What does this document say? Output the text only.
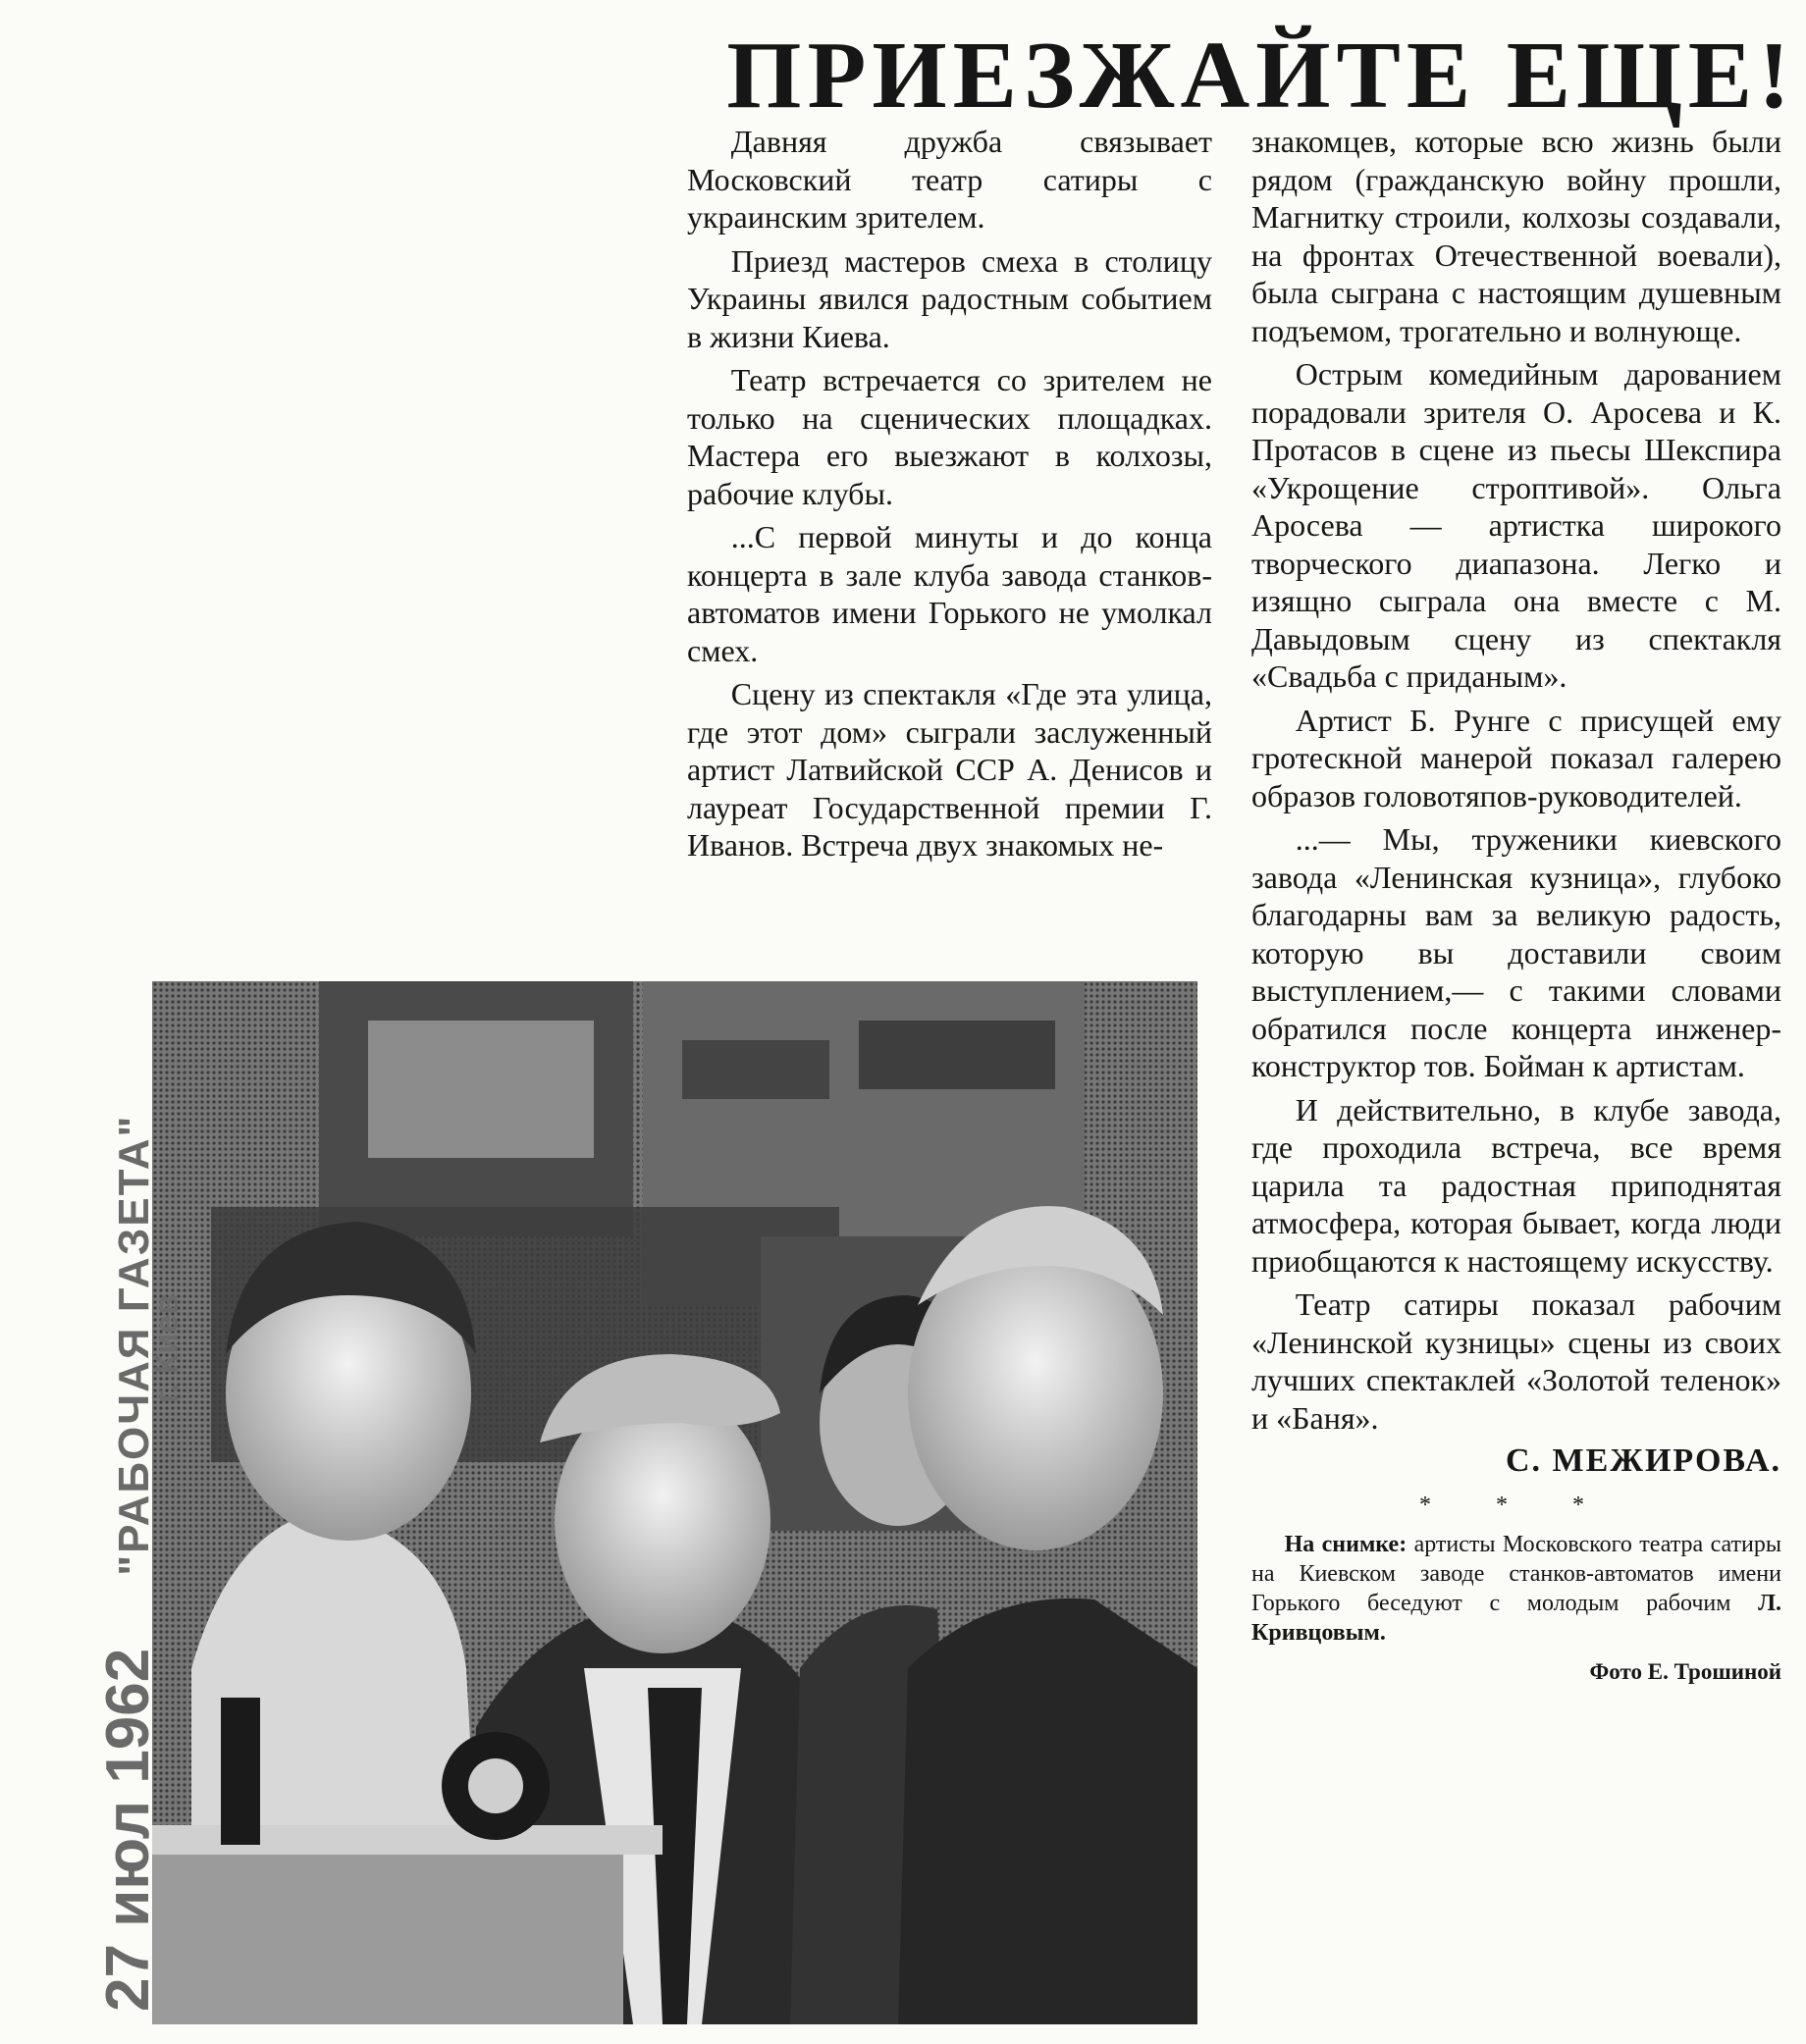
ПРИЕЗЖАЙТЕ ЕЩЕ!

Давняя дружба связывает Московский театр сатиры с украинским зрителем.

Приезд мастеров смеха в столицу Украины явился радостным событием в жизни Киева.

Театр встречается со зрителем не только на сценических площадках. Мастера его выезжают в колхозы, рабочие клубы.

...С первой минуты и до конца концерта в зале клуба завода станков-автоматов имени Горького не умолкал смех.

Сцену из спектакля «Где эта улица, где этот дом» сыграли заслуженный артист Латвийской ССР А. Денисов и лауреат Государственной премии Г. Иванов. Встреча двух знакомых не-

знакомцев, которые всю жизнь были рядом (гражданскую войну прошли, Магнитку строили, колхозы создавали, на фронтах Отечественной воевали), была сыграна с настоящим душевным подъемом, трогательно и волнующе.

Острым комедийным дарованием порадовали зрителя О. Аросева и К. Протасов в сцене из пьесы Шекспира «Укрощение строптивой». Ольга Аросева — артистка широкого творческого диапазона. Легко и изящно сыграла она вместе с М. Давыдовым сцену из спектакля «Свадьба с приданым».

Артист Б. Рунге с присущей ему гротескной манерой показал галерею образов головотяпов-руководителей.

...— Мы, труженики киевского завода «Ленинская кузница», глубоко благодарны вам за великую радость, которую вы доставили своим выступлением,— с такими словами обратился после концерта инженер-конструктор тов. Бойман к артистам.

И действительно, в клубе завода, где проходила встреча, все время царила та радостная приподнятая атмосфера, которая бывает, когда люди приобщаются к настоящему искусству.

Театр сатиры показал рабочим «Ленинской кузницы» сцены из своих лучших спектаклей «Золотой теленок» и «Баня».

С. МЕЖИРОВА.

* * *

На снимке: артисты Московского театра сатиры на Киевском заводе станков-автоматов имени Горького беседуют с молодым рабочим Л. Кривцовым.

Фото Е. Трошиной

27 июл 1962 "РАБОЧАЯ ГАЗЕТА"
г. Киев
